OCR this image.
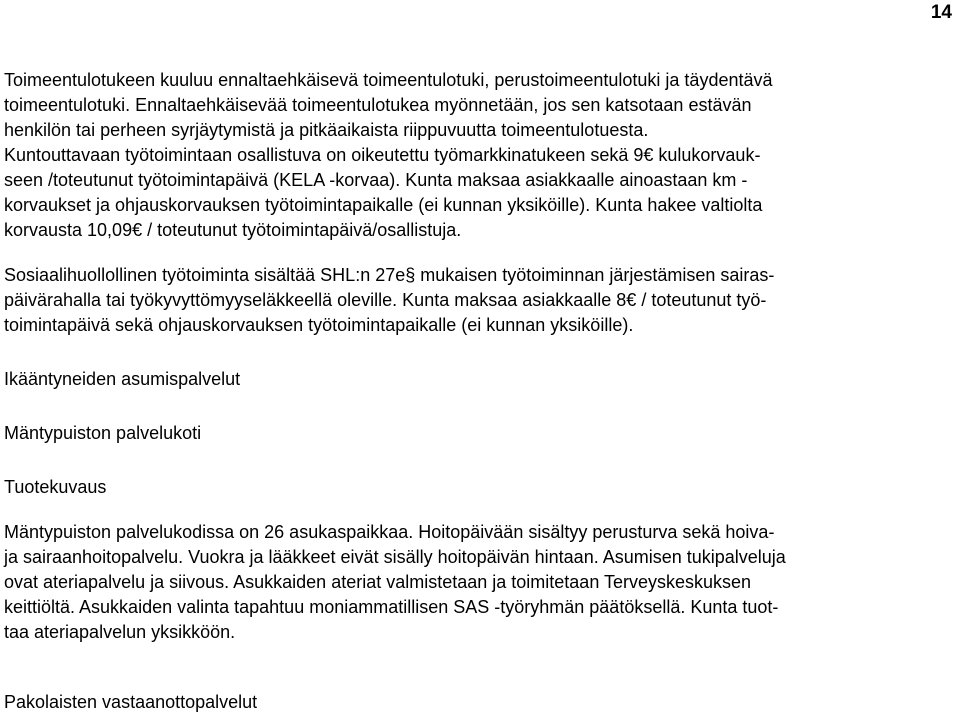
14
Toimeentulotukeen kuuluu ennaltaehkäisevä toimeentulotuki, perustoimeentulotuki ja täydentävä
toimeentulotuki. Ennaltaehkäisevää toimeentulotukea myönnetään, jos sen katsotaan estävän
henkilön tai perheen syrjäytymistä ja pitkäaikaista riippuvuutta toimeentulotuesta.
Kuntouttavaan työtoimintaan osallistuva on oikeutettu työmarkkinatukeen sekä 9€ kulukorvauk-
seen /toteutunut työtoimintapäivä (KELA -korvaa). Kunta maksaa asiakkaalle ainoastaan km -
korvaukset ja ohjauskorvauksen työtoimintapaikalle (ei kunnan yksiköille). Kunta hakee valtiolta
korvausta 10,09€ / toteutunut työtoimintapäivä/osallistuja.
Sosiaalihuollollinen työtoiminta sisältää SHL:n 27e§ mukaisen työtoiminnan järjestämisen sairas-
päivärahalla tai työkyvyttömyyseläkkeellä oleville. Kunta maksaa asiakkaalle 8€ / toteutunut työ-
toimintapäivä sekä ohjauskorvauksen työtoimintapaikalle (ei kunnan yksiköille).
Ikääntyneiden asumispalvelut
Mäntypuiston palvelukoti
Tuotekuvaus
Mäntypuiston palvelukodissa on 26 asukaspaikkaa. Hoitopäivään sisältyy perusturva sekä hoiva-
ja sairaanhoitopalvelu. Vuokra ja lääkkeet eivät sisälly hoitopäivän hintaan. Asumisen tukipalveluja
ovat ateriapalvelu ja siivous. Asukkaiden ateriat valmistetaan ja toimitetaan Terveyskeskuksen
keittiöltä. Asukkaiden valinta tapahtuu moniammatillisen SAS -työryhmän päätöksellä. Kunta tuot-
taa ateriapalvelun yksikköön.
Pakolaisten vastaanottopalvelut
